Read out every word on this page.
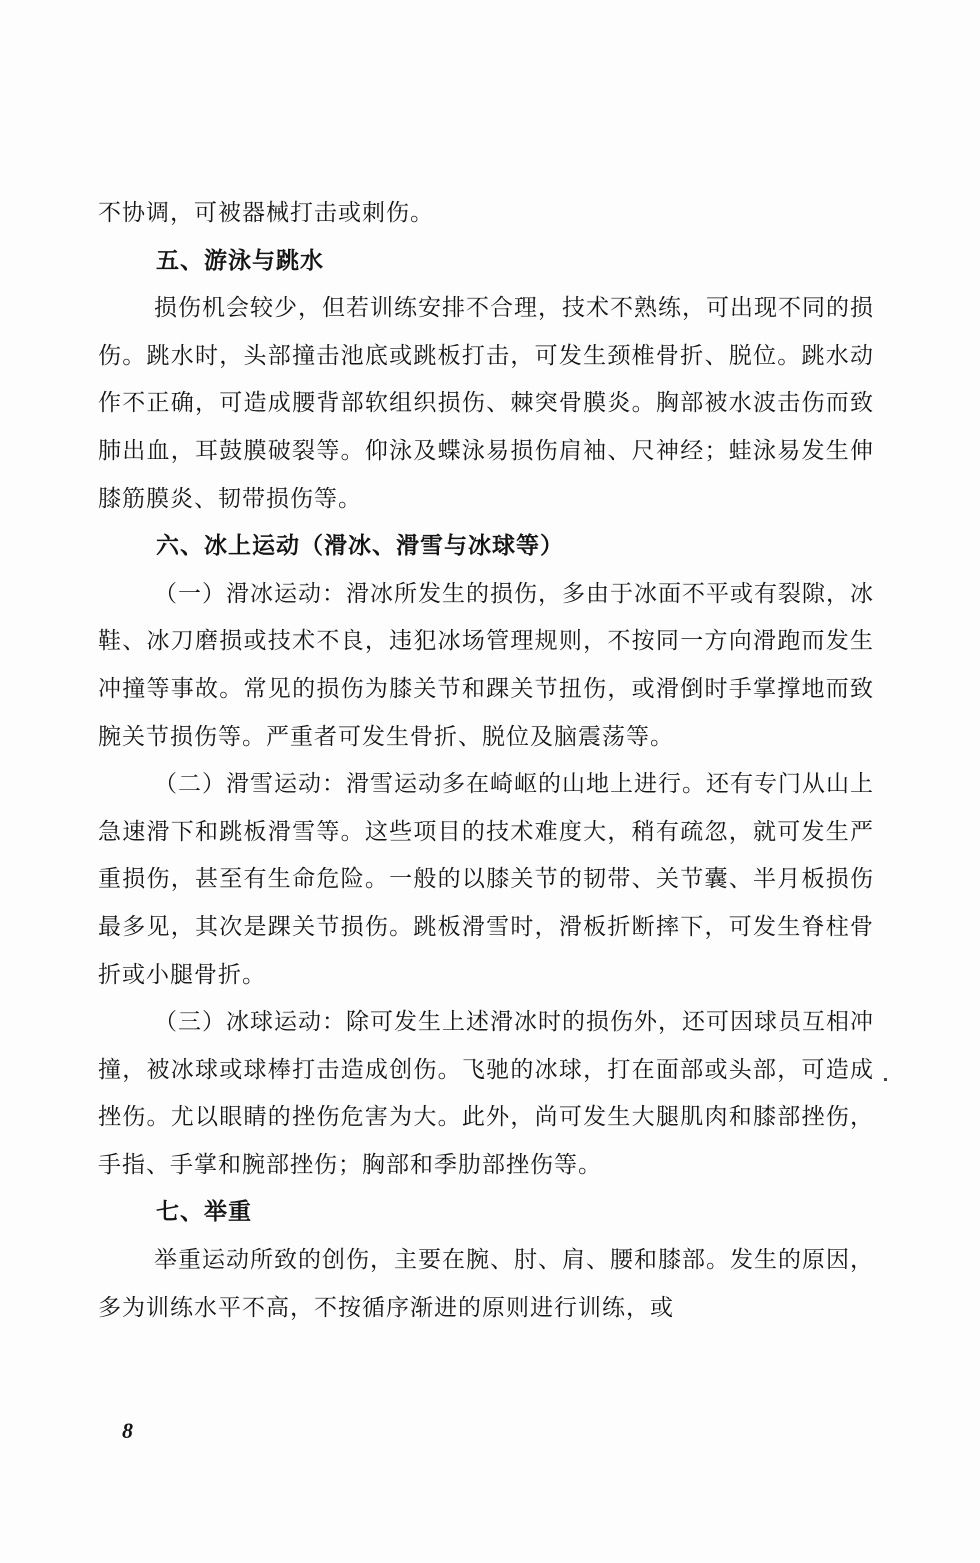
不协调，可被器械打击或刺伤。

五、游泳与跳水

损伤机会较少，但若训练安排不合理，技术不熟练，可出现不同的损伤。跳水时，头部撞击池底或跳板打击，可发生颈椎骨折、脱位。跳水动作不正确，可造成腰背部软组织损伤、棘突骨膜炎。胸部被水波击伤而致肺出血，耳鼓膜破裂等。仰泳及蝶泳易损伤肩袖、尺神经；蛙泳易发生伸膝筋膜炎、韧带损伤等。

六、冰上运动（滑冰、滑雪与冰球等）

（一）滑冰运动：滑冰所发生的损伤，多由于冰面不平或有裂隙，冰鞋、冰刀磨损或技术不良，违犯冰场管理规则，不按同一方向滑跑而发生冲撞等事故。常见的损伤为膝关节和踝关节扭伤，或滑倒时手掌撑地而致腕关节损伤等。严重者可发生骨折、脱位及脑震荡等。

（二）滑雪运动：滑雪运动多在崎岖的山地上进行。还有专门从山上急速滑下和跳板滑雪等。这些项目的技术难度大，稍有疏忽，就可发生严重损伤，甚至有生命危险。一般的以膝关节的韧带、关节囊、半月板损伤最多见，其次是踝关节损伤。跳板滑雪时，滑板折断摔下，可发生脊柱骨折或小腿骨折。

（三）冰球运动：除可发生上述滑冰时的损伤外，还可因球员互相冲撞，被冰球或球棒打击造成创伤。飞驰的冰球，打在面部或头部，可造成挫伤。尤以眼睛的挫伤危害为大。此外，尚可发生大腿肌肉和膝部挫伤，手指、手掌和腕部挫伤；胸部和季肋部挫伤等。

七、举重

举重运动所致的创伤，主要在腕、肘、肩、腰和膝部。发生的原因，多为训练水平不高，不按循序渐进的原则进行训练，或

8
